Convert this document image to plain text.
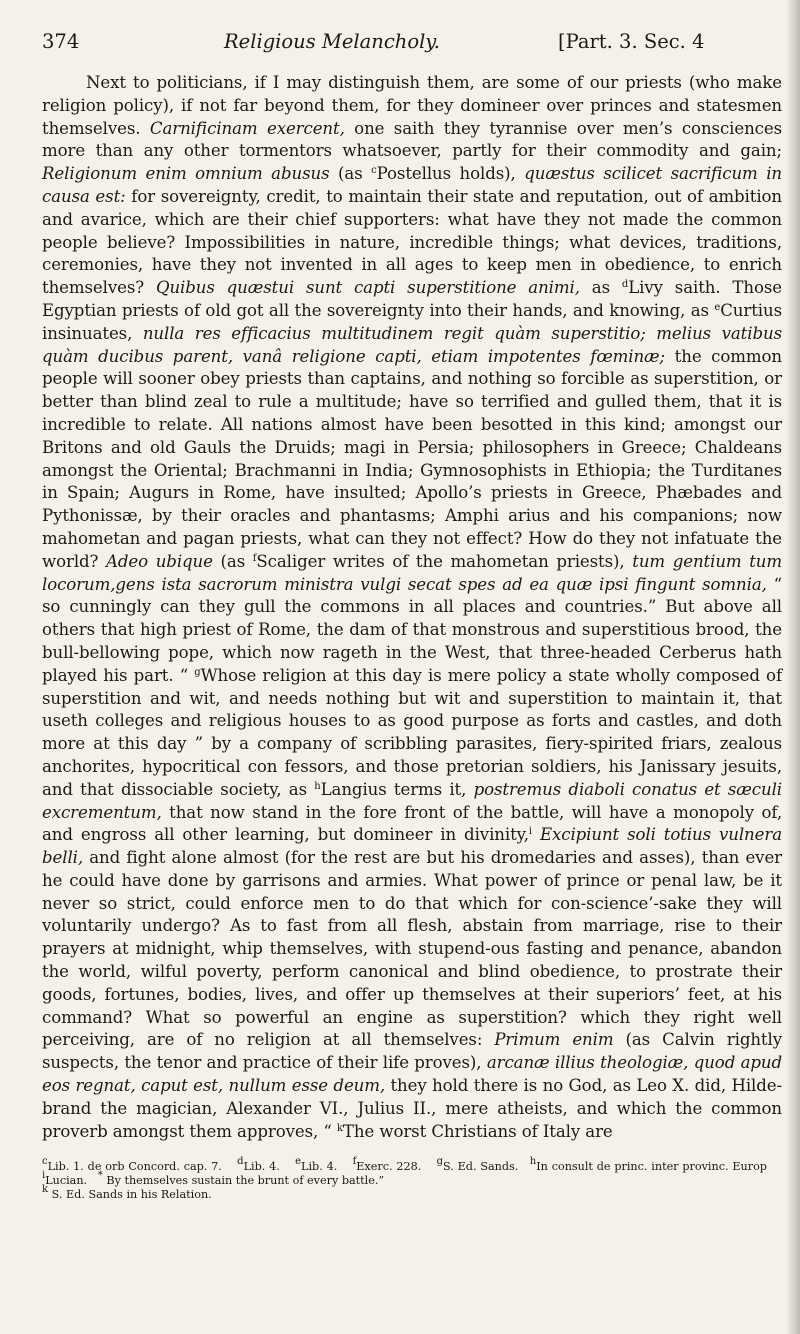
374	Religious Melancholy.	[Part. 3. Sec. 4

Next to politicians, if I may distinguish them, are some of our priests (who make religion policy), if not far beyond them, for they domineer over princes and statesmen themselves. Carnificinam exercent, one saith they tyrannise over men’s consciences more than any other tormentors whatsoever, partly for their commodity and gain; Religionum enim omnium abusus (as $^c$Postellus holds), quæstus scilicet sacrificum in causa est: for sovereignty, credit, to maintain their state and reputation, out of ambition and avarice, which are their chief supporters: what have they not made the common people believe? Impossibilities in nature, incredible things; what devices, traditions, ceremonies, have they not invented in all ages to keep men in obedience, to enrich themselves? Quibus quæstui sunt capti superstitione animi, as $^d$Livy saith. Those Egyptian priests of old got all the sovereignty into their hands, and knowing, as $^e$Curtius insinuates, nulla res efficacius multitudinem regit quàm superstitio; melius vatibus quàm ducibus parent, vanâ religione capti, etiam impotentes fœminæ; the common people will sooner obey priests than captains, and nothing so forcible as superstition, or better than blind zeal to rule a multitude; have so terrified and gulled them, that it is incredible to relate. All nations almost have been besotted in this kind; amongst our Britons and old Gauls the Druids; magi in Persia; philosophers in Greece; Chaldeans amongst the Oriental; Brachmanni in India; Gymnosophists in Ethiopia; the Turditanes in Spain; Augurs in Rome, have insulted; Apollo’s priests in Greece, Phæbades and Pythonissæ, by their oracles and phantasms; Amphi arius and his companions; now mahometan and pagan priests, what can they not effect? How do they not infatuate the world? Adeo ubique (as $^f$Scaliger writes of the mahometan priests), tum gentium tum locorum,gens ista sacrorum ministra vulgi secat spes ad ea quæ ipsi fingunt somnia, “ so cunningly can they gull the commons in all places and countries.” But above all others that high priest of Rome, the dam of that monstrous and superstitious brood, the bull-bellowing pope, which now rageth in the West, that three-headed Cerberus hath played his part. “ $^g$Whose religion at this day is mere policy a state wholly composed of superstition and wit, and needs nothing but wit and superstition to maintain it, that useth colleges and religious houses to as good purpose as forts and castles, and doth more at this day ” by a company of scribbling parasites, fiery-spirited friars, zealous anchorites, hypocritical con fessors, and those pretorian soldiers, his Janissary jesuits, and that dissociable society, as $^h$Langius terms it, postremus diaboli conatus et sæculi excrementum, that now stand in the fore front of the battle, will have a monopoly of, and engross all other learning, but domineer in divinity,$^i$ Excipiunt soli totius vulnera belli, and fight alone almost (for the rest are but his dromedaries and asses), than ever he could have done by garrisons and armies. What power of prince or penal law, be it never so strict, could enforce men to do that which for con-science’-sake they will voluntarily undergo? As to fast from all flesh, abstain from marriage, rise to their prayers at midnight, whip themselves, with stupend-ous fasting and penance, abandon the world, wilful poverty, perform canonical and blind obedience, to prostrate their goods, fortunes, bodies, lives, and offer up themselves at their superiors’ feet, at his command? What so powerful an engine as superstition? which they right well perceiving, are of no religion at all themselves: Primum enim (as Calvin rightly suspects, the tenor and practice of their life proves), arcanæ illius theologiæ, quod apud eos regnat, caput est, nullum esse deum, they hold there is no God, as Leo X. did, Hilde-brand the magician, Alexander VI., Julius II., mere atheists, and which the common proverb amongst them approves, “ $^k$The worst Christians of Italy are

$^c$Lib. 1. de orb Concord. cap. 7. $^d$Lib. 4. $^e$Lib. 4. $^f$Exerc. 228. $^g$S. Ed. Sands. $^h$In consult de princ. inter provinc. Europ     $^i$Lucian. * By themselves sustain the brunt of every battle.”
$^k$ S. Ed. Sands in his Relation.
